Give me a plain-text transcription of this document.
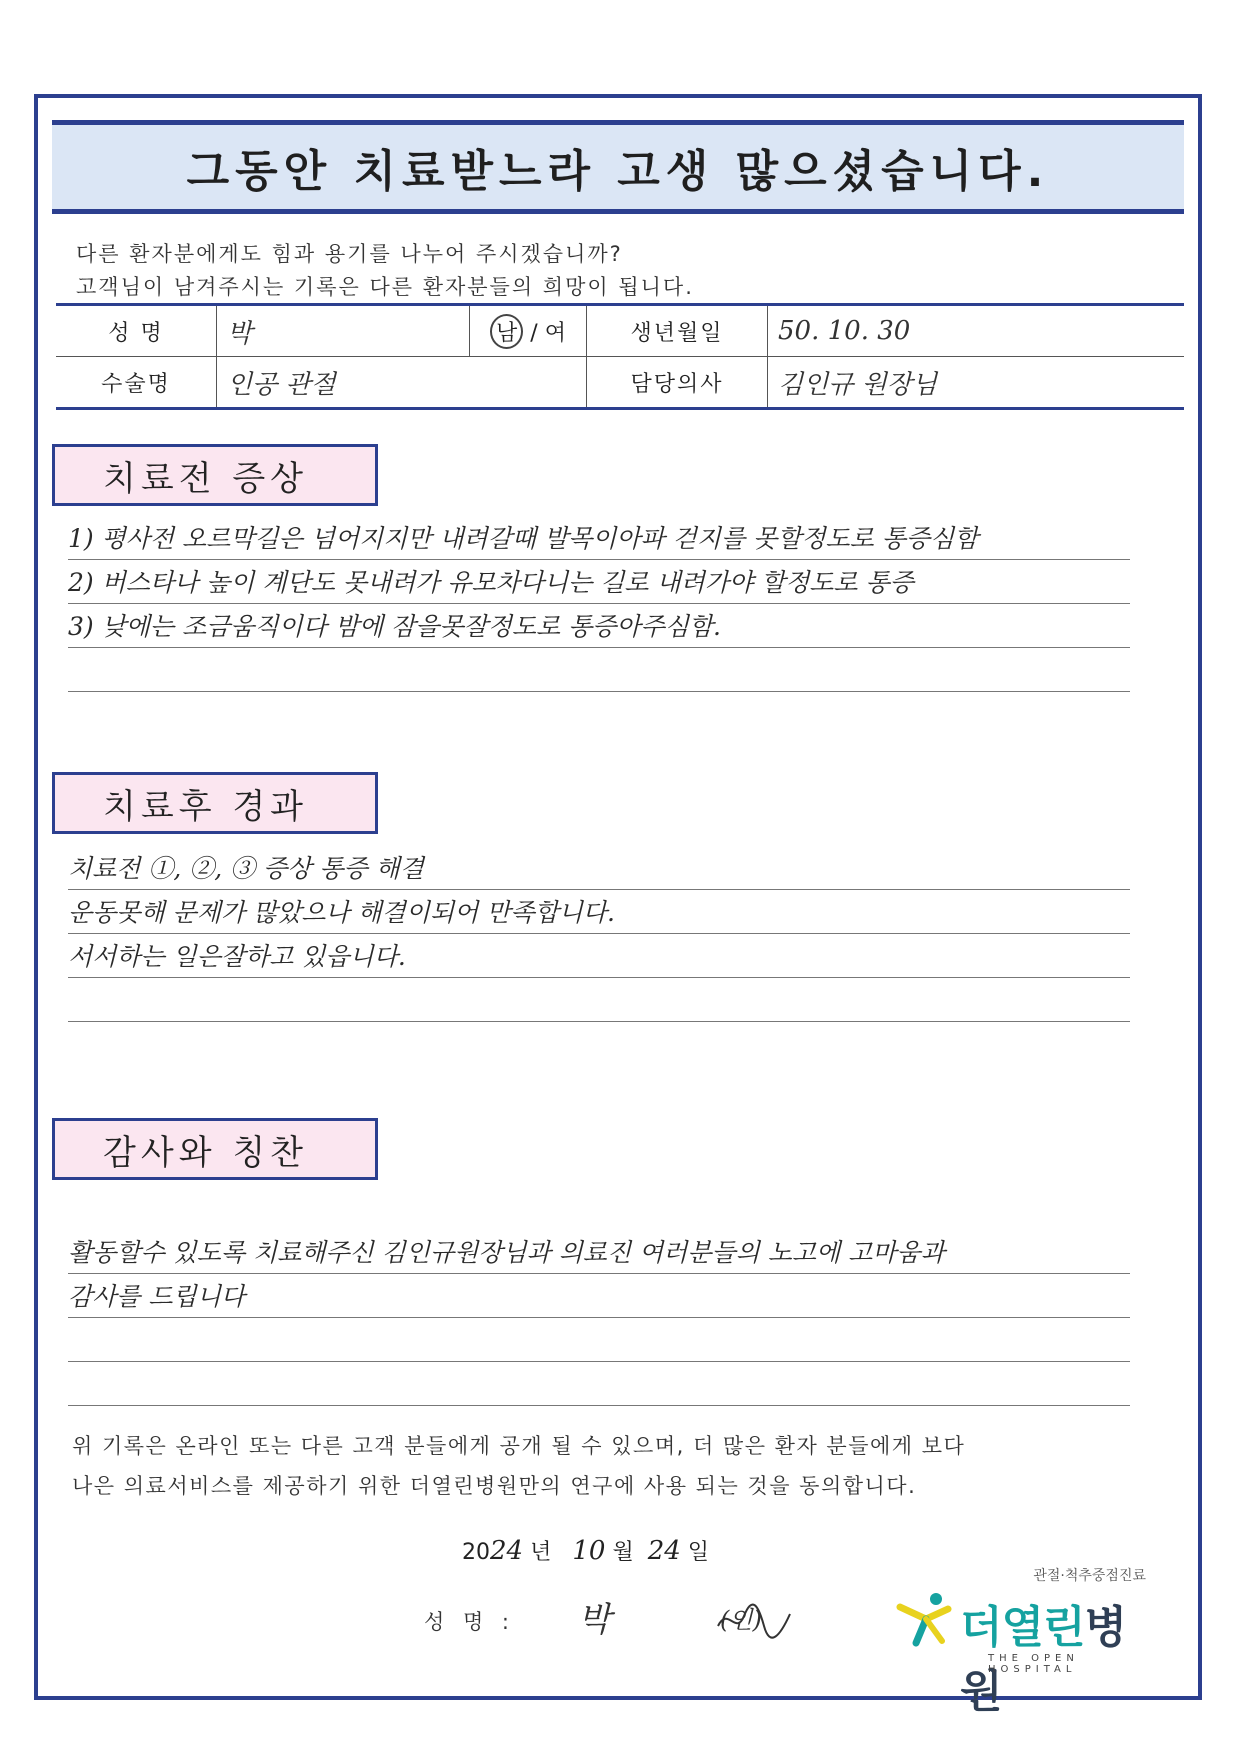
그동안 치료받느라 고생 많으셨습니다.
다른 환자분에게도 힘과 용기를 나누어 주시겠습니까?
고객님이 남겨주시는 기록은 다른 환자분들의 희망이 됩니다.
성 명	박	남 / 여	생년월일	50. 10. 30
수술명	인공 관절		담당의사	김인규 원장님
치료전 증상
1) 평사전 오르막길은 넘어지지만 내려갈때 발목이아파 걷지를 못할정도로 통증심함
2) 버스타나 높이 계단도 못내려가 유모차다니는 길로 내려가야 할정도로 통증
3) 낮에는 조금움직이다 밤에 잠을못잘정도로 통증아주심함.
치료후 경과
치료전 ①, ②, ③ 증상 통증 해결
운동못해 문제가 많았으나 해결이되어 만족합니다.
서서하는 일은잘하고 있읍니다.
감사와 칭찬
활동할수 있도록 치료해주신 김인규원장님과 의료진 여러분들의 노고에 고마움과
감사를 드립니다
위 기록은 온라인 또는 다른 고객 분들에게 공개 될 수 있으며, 더 많은 환자 분들에게 보다
나은 의료서비스를 제공하기 위한 더열린병원만의 연구에 사용 되는 것을 동의합니다.
2024 년 10 월 24 일
성 명 : 박	(인)
관절·척추중점진료
더열린병원
THE OPEN HOSPITAL
